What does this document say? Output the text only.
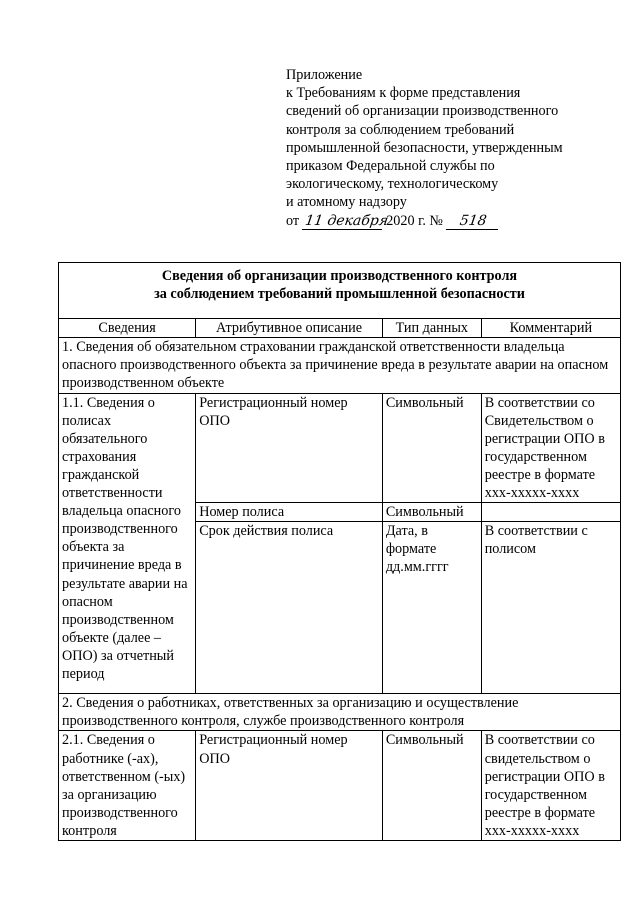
Приложение
к Требованиям к форме представления
сведений об организации производственного
контроля за соблюдением требований
промышленной безопасности, утвержденным
приказом Федеральной службы по
экологическому, технологическому
и атомному надзору
от 11 декабря 2020 г. № 518
Сведения об организации производственного контроля
за соблюдением требований промышленной безопасности			
Сведения	Атрибутивное описание	Тип данных	Комментарий
1. Сведения об обязательном страховании гражданской ответственности владельца опасного производственного объекта за причинение вреда в результате аварии на опасном производственном объекте			
1.1. Сведения о полисах обязательного страхования гражданской ответственности владельца опасного производственного объекта за причинение вреда в результате аварии на опасном производственном объекте (далее – ОПО) за отчетный период	Регистрационный номер ОПО	Символьный	В соответствии со Свидетельством о регистрации ОПО в государственном реестре в формате ххх-ххххх-хххх
	Номер полиса	Символьный	
	Срок действия полиса	Дата, в формате дд.мм.гггг	В соответствии с полисом
2. Сведения о работниках, ответственных за организацию и осуществление производственного контроля, службе производственного контроля			
2.1. Сведения о работнике (-ах), ответственном (-ых) за организацию производственного контроля	Регистрационный номер ОПО	Символьный	В соответствии со свидетельством о регистрации ОПО в государственном реестре в формате ххх-ххххх-хххх
